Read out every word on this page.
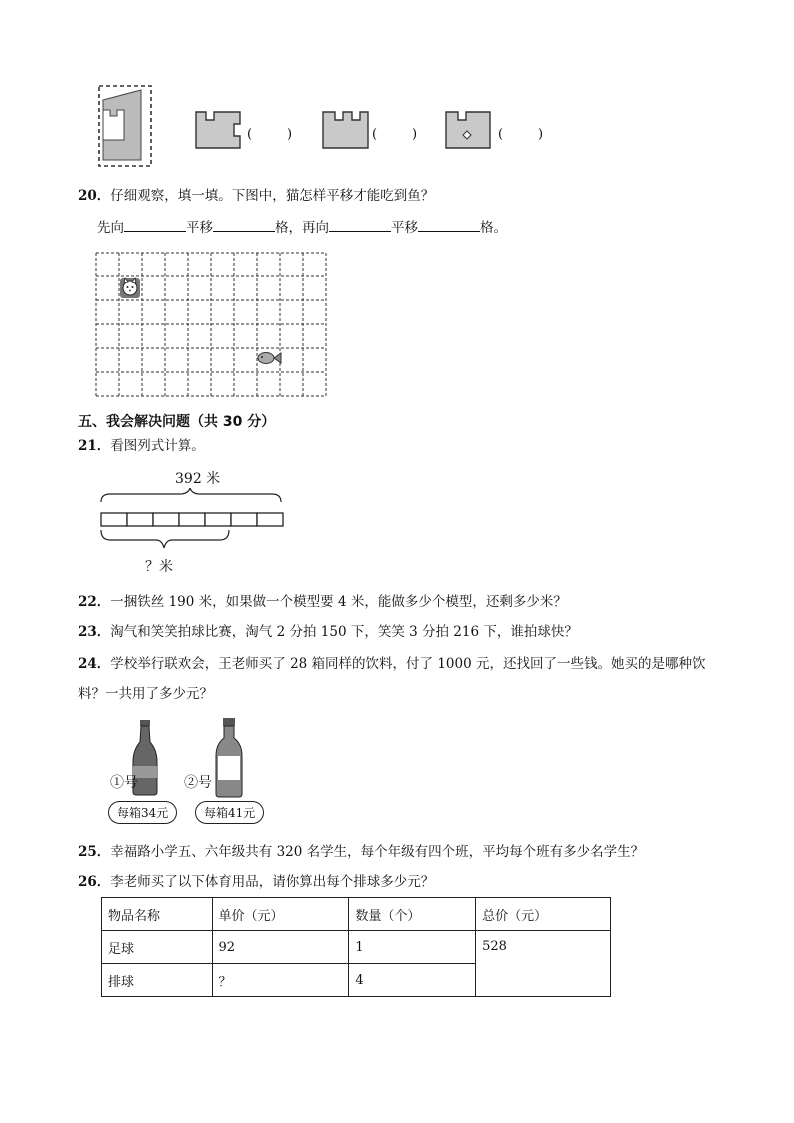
(	)	(	)	(	)
20．仔细观察，填一填。下图中，猫怎样平移才能吃到鱼？
先向	平移	格，再向	平移	格。
五、我会解决问题（共 30 分）
21．看图列式计算。
392 米
？米
22．一捆铁丝 190 米，如果做一个模型要 4 米，能做多少个模型，还剩多少米？
23．淘气和笑笑拍球比赛，淘气 2 分拍 150 下，笑笑 3 分拍 216 下，谁拍球快？
24．学校举行联欢会，王老师买了 28 箱同样的饮料，付了 1000 元，还找回了一些钱。她买的是哪种饮
料？一共用了多少元？
①号	②号
每箱34元	每箱41元
25．幸福路小学五、六年级共有 320 名学生，每个年级有四个班，平均每个班有多少名学生？
26．李老师买了以下体育用品，请你算出每个排球多少元？
物品名称	单价（元）	数量（个）	总价（元）
足球	92	1	528
排球	？	4	
